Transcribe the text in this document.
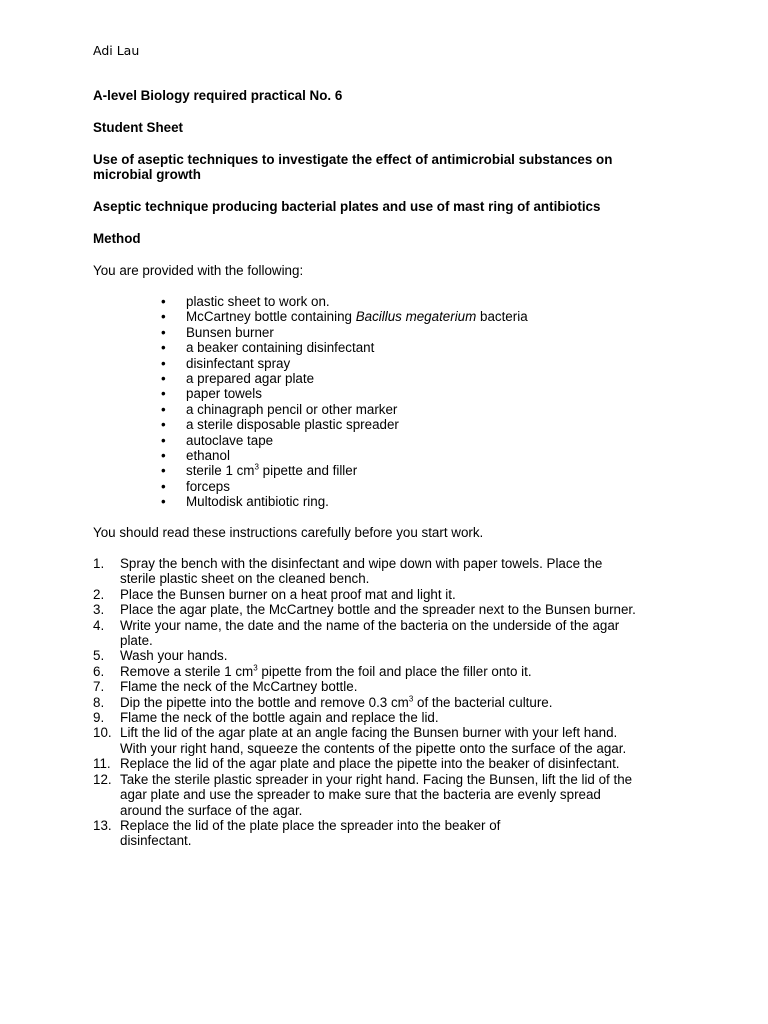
Adi Lau
A-level Biology required practical No. 6
Student Sheet
Use of aseptic techniques to investigate the effect of antimicrobial substances on
microbial growth
Aseptic technique producing bacterial plates and use of mast ring of antibiotics
Method
You are provided with the following:
• plastic sheet to work on.
• McCartney bottle containing Bacillus megaterium bacteria
• Bunsen burner
• a beaker containing disinfectant
• disinfectant spray
• a prepared agar plate
• paper towels
• a chinagraph pencil or other marker
• a sterile disposable plastic spreader
• autoclave tape
• ethanol
• sterile 1 $cm^3$ pipette and filler
• forceps
• Multodisk antibiotic ring.
You should read these instructions carefully before you start work.
1. Spray the bench with the disinfectant and wipe down with paper towels. Place the
sterile plastic sheet on the cleaned bench.
2. Place the Bunsen burner on a heat proof mat and light it.
3. Place the agar plate, the McCartney bottle and the spreader next to the Bunsen burner.
4. Write your name, the date and the name of the bacteria on the underside of the agar
plate.
5. Wash your hands.
6. Remove a sterile 1 $cm^3$ pipette from the foil and place the filler onto it.
7. Flame the neck of the McCartney bottle.
8. Dip the pipette into the bottle and remove 0.3 $cm^3$ of the bacterial culture.
9. Flame the neck of the bottle again and replace the lid.
10. Lift the lid of the agar plate at an angle facing the Bunsen burner with your left hand.
With your right hand, squeeze the contents of the pipette onto the surface of the agar.
11. Replace the lid of the agar plate and place the pipette into the beaker of disinfectant.
12. Take the sterile plastic spreader in your right hand. Facing the Bunsen, lift the lid of the
agar plate and use the spreader to make sure that the bacteria are evenly spread
around the surface of the agar.
13. Replace the lid of the plate place the spreader into the beaker of
disinfectant.
